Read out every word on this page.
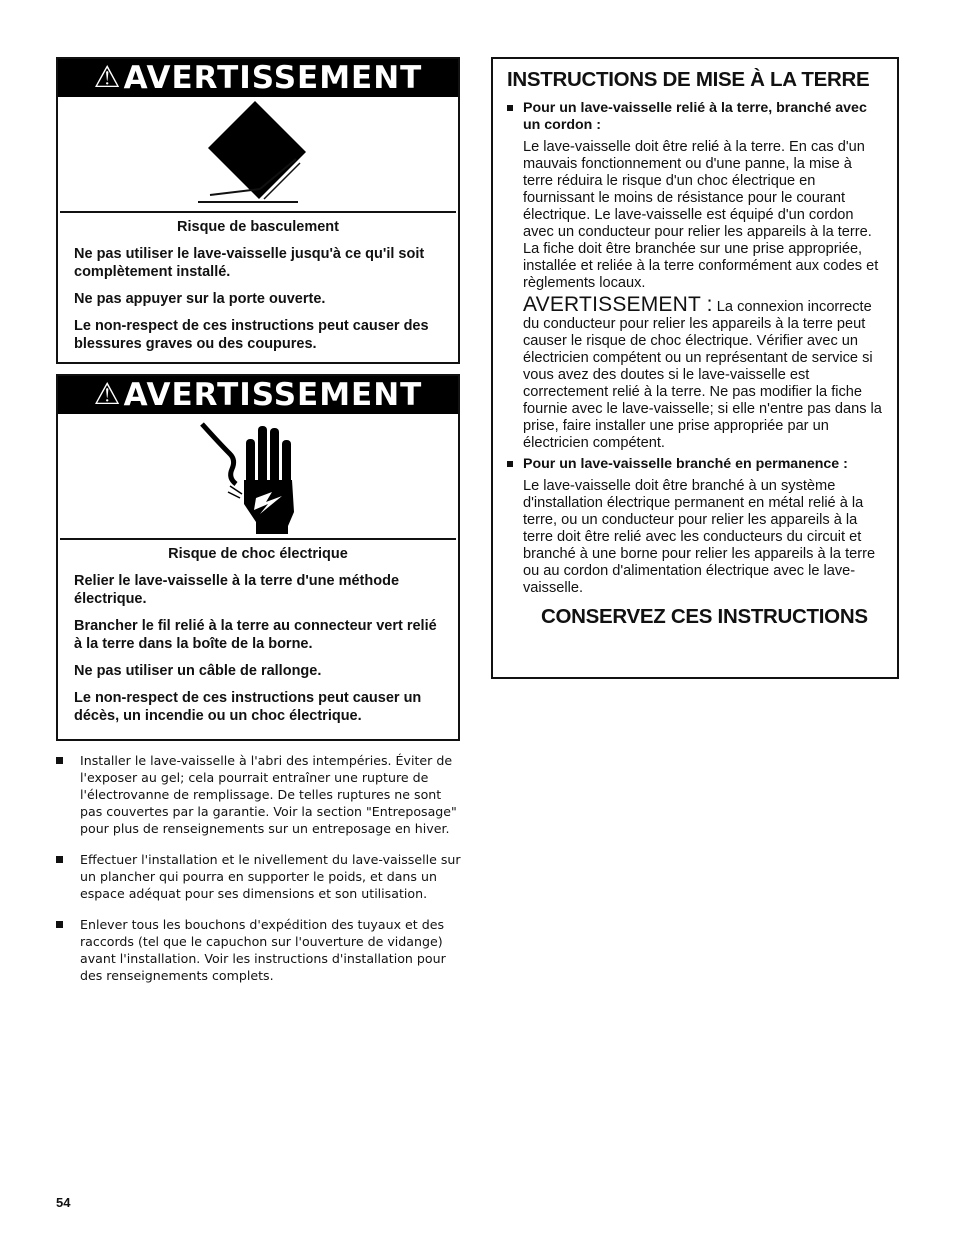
⚠ AVERTISSEMENT

Risque de basculement

Ne pas utiliser le lave-vaisselle jusqu'à ce qu'il soit complètement installé.

Ne pas appuyer sur la porte ouverte.

Le non-respect de ces instructions peut causer des blessures graves ou des coupures.

⚠ AVERTISSEMENT

Risque de choc électrique

Relier le lave-vaisselle à la terre d'une méthode électrique.

Brancher le fil relié à la terre au connecteur vert relié à la terre dans la boîte de la borne.

Ne pas utiliser un câble de rallonge.

Le non-respect de ces instructions peut causer un décès, un incendie ou un choc électrique.

Installer le lave-vaisselle à l'abri des intempéries. Éviter de l'exposer au gel; cela pourrait entraîner une rupture de l'électrovanne de remplissage. De telles ruptures ne sont pas couvertes par la garantie. Voir la section "Entreposage" pour plus de renseignements sur un entreposage en hiver.
Effectuer l'installation et le nivellement du lave-vaisselle sur un plancher qui pourra en supporter le poids, et dans un espace adéquat pour ses dimensions et son utilisation.
Enlever tous les bouchons d'expédition des tuyaux et des raccords (tel que le capuchon sur l'ouverture de vidange) avant l'installation. Voir les instructions d'installation pour des renseignements complets.
INSTRUCTIONS DE MISE À LA TERRE
Pour un lave-vaisselle relié à la terre, branché avec un cordon :

Le lave-vaisselle doit être relié à la terre. En cas d'un mauvais fonctionnement ou d'une panne, la mise à terre réduira le risque d'un choc électrique en fournissant le moins de résistance pour le courant électrique. Le lave-vaisselle est équipé d'un cordon avec un conducteur pour relier les appareils à la terre. La fiche doit être branchée sur une prise appropriée, installée et reliée à la terre conformément aux codes et règlements locaux.

AVERTISSEMENT : La connexion incorrecte du conducteur pour relier les appareils à la terre peut causer le risque de choc électrique. Vérifier avec un électricien compétent ou un représentant de service si vous avez des doutes si le lave-vaisselle est correctement relié à la terre. Ne pas modifier la fiche fournie avec le lave-vaisselle; si elle n'entre pas dans la prise, faire installer une prise appropriée par un électricien compétent.

Pour un lave-vaisselle branché en permanence :

Le lave-vaisselle doit être branché à un système d'installation électrique permanent en métal relié à la terre, ou un conducteur pour relier les appareils à la terre doit être relié avec les conducteurs du circuit et branché à une borne pour relier les appareils à la terre ou au cordon d'alimentation électrique avec le lave-vaisselle.

CONSERVEZ CES INSTRUCTIONS
54
